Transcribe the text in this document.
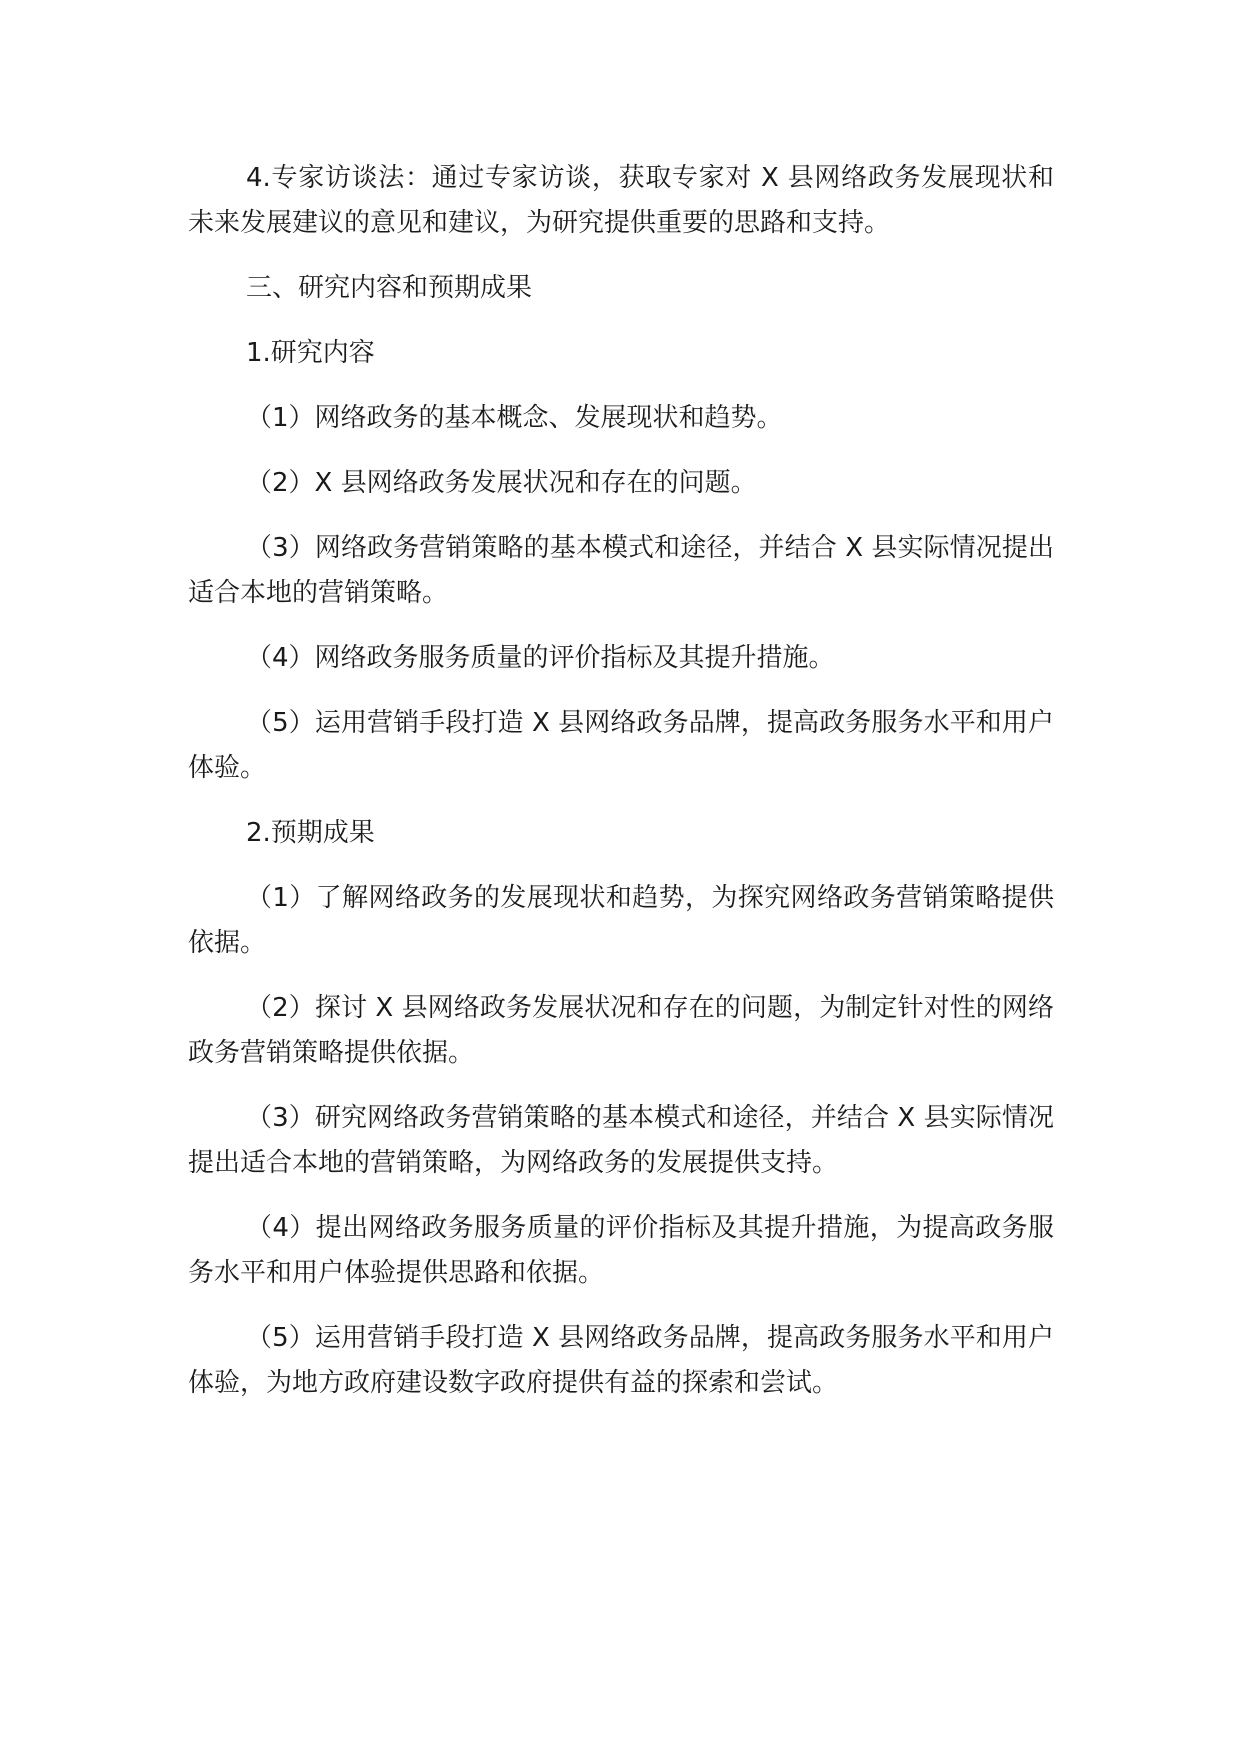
4.专家访谈法：通过专家访谈，获取专家对 X 县网络政务发展现状和未来发展建议的意见和建议，为研究提供重要的思路和支持。

三、研究内容和预期成果

1.研究内容

（1）网络政务的基本概念、发展现状和趋势。

（2）X 县网络政务发展状况和存在的问题。

（3）网络政务营销策略的基本模式和途径，并结合 X 县实际情况提出适合本地的营销策略。

（4）网络政务服务质量的评价指标及其提升措施。

（5）运用营销手段打造 X 县网络政务品牌，提高政务服务水平和用户体验。

2.预期成果

（1）了解网络政务的发展现状和趋势，为探究网络政务营销策略提供依据。

（2）探讨 X 县网络政务发展状况和存在的问题，为制定针对性的网络政务营销策略提供依据。

（3）研究网络政务营销策略的基本模式和途径，并结合 X 县实际情况提出适合本地的营销策略，为网络政务的发展提供支持。

（4）提出网络政务服务质量的评价指标及其提升措施，为提高政务服务水平和用户体验提供思路和依据。

（5）运用营销手段打造 X 县网络政务品牌，提高政务服务水平和用户体验，为地方政府建设数字政府提供有益的探索和尝试。
